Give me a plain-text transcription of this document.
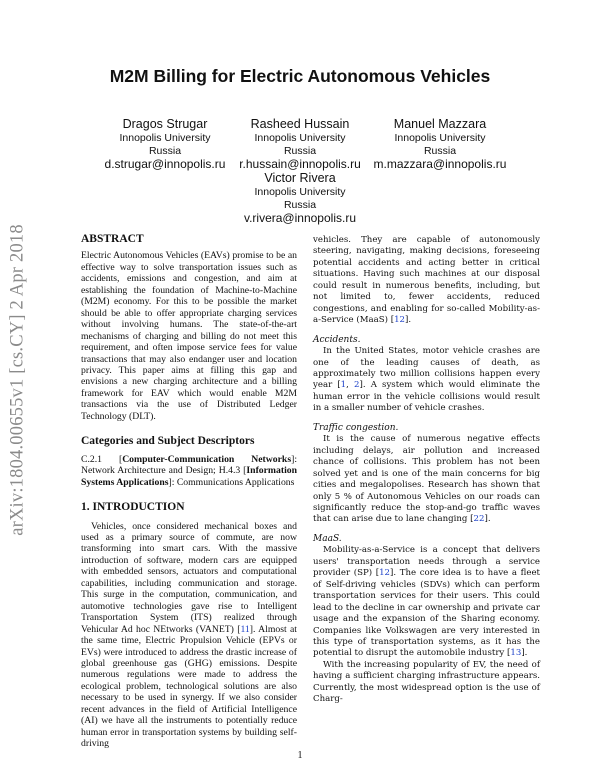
arXiv:1804.00655v1 [cs.CY] 2 Apr 2018
M2M Billing for Electric Autonomous Vehicles
Dragos Strugar
Innopolis University
Russia
d.strugar@innopolis.ru
Rasheed Hussain
Innopolis University
Russia
r.hussain@innopolis.ru
Manuel Mazzara
Innopolis University
Russia
m.mazzara@innopolis.ru
Victor Rivera
Innopolis University
Russia
v.rivera@innopolis.ru
ABSTRACT

Electric Autonomous Vehicles (EAVs) promise to be an effective way to solve transportation issues such as accidents, emissions and congestion, and aim at establishing the foundation of Machine-to-Machine (M2M) economy. For this to be possible the market should be able to offer appropriate charging services without involving humans. The state-of-the-art mechanisms of charging and billing do not meet this requirement, and often impose service fees for value transactions that may also endanger user and location privacy. This paper aims at filling this gap and envisions a new charging architecture and a billing framework for EAV which would enable M2M transactions via the use of Distributed Ledger Technology (DLT).

Categories and Subject Descriptors

C.2.1 [Computer-Communication Networks]: Network Architecture and Design; H.4.3 [Information Systems Applications]: Communications Applications

1. INTRODUCTION

Vehicles, once considered mechanical boxes and used as a primary source of commute, are now transforming into smart cars. With the massive introduction of software, modern cars are equipped with embedded sensors, actuators and computational capabilities, including communication and storage. This surge in the computation, communication, and automotive technologies gave rise to Intelligent Transportation System (ITS) realized through Vehicular Ad hoc NEtworks (VANET) [11]. Almost at the same time, Electric Propulsion Vehicle (EPVs or EVs) were introduced to address the drastic increase of global greenhouse gas (GHG) emissions. Despite numerous regulations were made to address the ecological problem, technological solutions are also necessary to be used in synergy. If we also consider recent advances in the field of Artificial Intelligence (AI) we have all the instruments to potentially reduce human error in transportation systems by building self-driving

vehicles. They are capable of autonomously steering, navigating, making decisions, foreseeing potential accidents and acting better in critical situations. Having such machines at our disposal could result in numerous benefits, including, but not limited to, fewer accidents, reduced congestions, and enabling for so-called Mobility-as-a-Service (MaaS) [12].

Accidents.

In the United States, motor vehicle crashes are one of the leading causes of death, as approximately two million collisions happen every year [1, 2]. A system which would eliminate the human error in the vehicle collisions would result in a smaller number of vehicle crashes.

Traffic congestion.

It is the cause of numerous negative effects including delays, air pollution and increased chance of collisions. This problem has not been solved yet and is one of the main concerns for big cities and megalopolises. Research has shown that only 5 % of Autonomous Vehicles on our roads can significantly reduce the stop-and-go traffic waves that can arise due to lane changing [22].

MaaS.

Mobility-as-a-Service is a concept that delivers users' transportation needs through a service provider (SP) [12]. The core idea is to have a fleet of Self-driving vehicles (SDVs) which can perform transportation services for their users. This could lead to the decline in car ownership and private car usage and the expansion of the Sharing economy. Companies like Volkswagen are very interested in this type of transportation systems, as it has the potential to disrupt the automobile industry [13].

With the increasing popularity of EV, the need of having a sufficient charging infrastructure appears. Currently, the most widespread option is the use of Charg-

1
